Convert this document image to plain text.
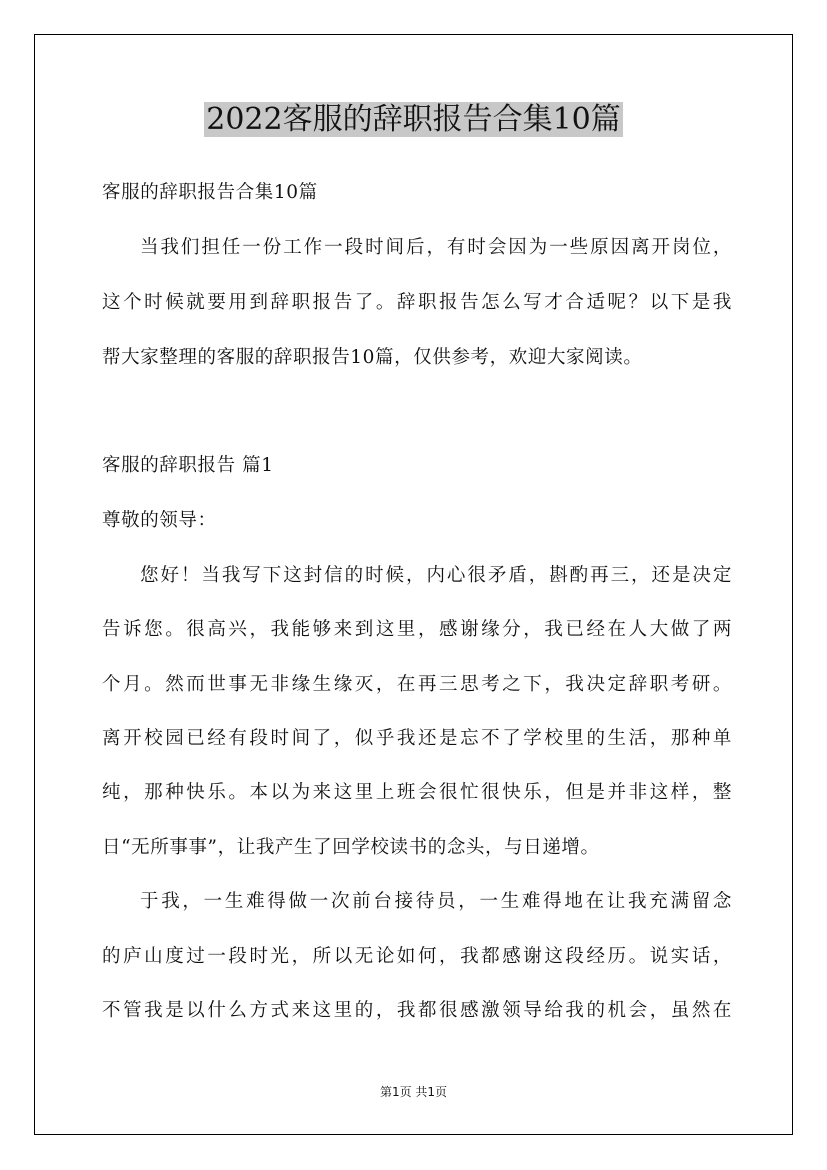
2022客服的辞职报告合集10篇
客服的辞职报告合集10篇
当我们担任一份工作一段时间后，有时会因为一些原因离开岗位，
这个时候就要用到辞职报告了。辞职报告怎么写才合适呢？以下是我
帮大家整理的客服的辞职报告10篇，仅供参考，欢迎大家阅读。
客服的辞职报告 篇1
尊敬的领导：
您好！当我写下这封信的时候，内心很矛盾，斟酌再三，还是决定
告诉您。很高兴，我能够来到这里，感谢缘分，我已经在人大做了两
个月。然而世事无非缘生缘灭，在再三思考之下，我决定辞职考研。
离开校园已经有段时间了，似乎我还是忘不了学校里的生活，那种单
纯，那种快乐。本以为来这里上班会很忙很快乐，但是并非这样，整
日“无所事事”，让我产生了回学校读书的念头，与日递增。
于我，一生难得做一次前台接待员，一生难得地在让我充满留念
的庐山度过一段时光，所以无论如何，我都感谢这段经历。说实话，
不管我是以什么方式来这里的，我都很感激领导给我的机会，虽然在
第1页 共1页
